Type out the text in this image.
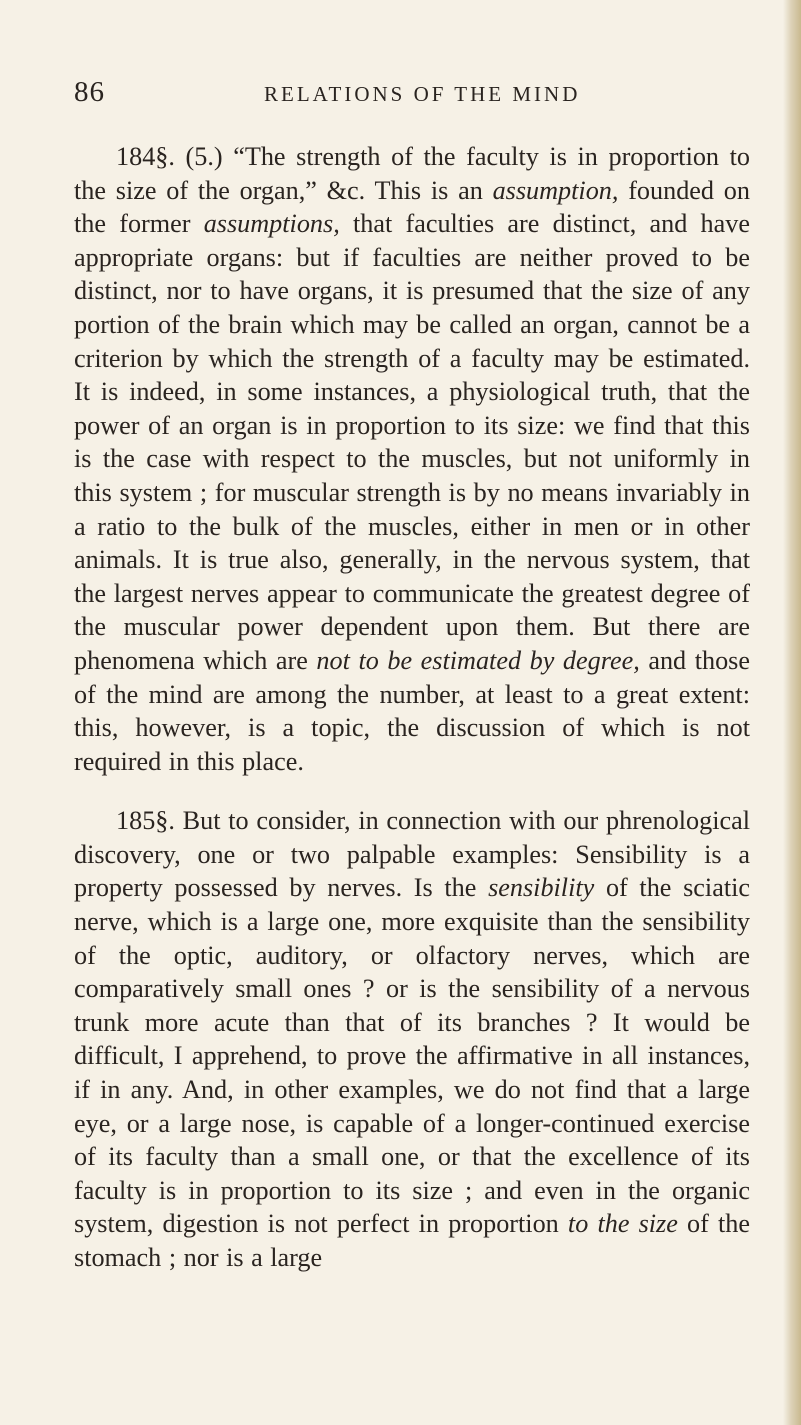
86	RELATIONS OF THE MIND

184§. (5.) “The strength of the faculty is in proportion to the size of the organ,” &c. This is an assumption, founded on the former assumptions, that faculties are distinct, and have appropriate organs: but if faculties are neither proved to be distinct, nor to have organs, it is presumed that the size of any portion of the brain which may be called an organ, cannot be a criterion by which the strength of a faculty may be estimated. It is indeed, in some instances, a physiological truth, that the power of an organ is in proportion to its size: we find that this is the case with respect to the muscles, but not uniformly in this system ; for muscular strength is by no means invariably in a ratio to the bulk of the muscles, either in men or in other animals. It is true also, generally, in the nervous system, that the largest nerves appear to communicate the greatest degree of the muscular power dependent upon them. But there are phenomena which are not to be estimated by degree, and those of the mind are among the number, at least to a great extent: this, however, is a topic, the discussion of which is not required in this place.

185§. But to consider, in connection with our phrenological discovery, one or two palpable examples: Sensibility is a property possessed by nerves. Is the sensibility of the sciatic nerve, which is a large one, more exquisite than the sensibility of the optic, auditory, or olfactory nerves, which are comparatively small ones ? or is the sensibility of a nervous trunk more acute than that of its branches ? It would be difficult, I apprehend, to prove the affirmative in all instances, if in any. And, in other examples, we do not find that a large eye, or a large nose, is capable of a longer-continued exercise of its faculty than a small one, or that the excellence of its faculty is in proportion to its size ; and even in the organic system, digestion is not perfect in proportion to the size of the stomach ; nor is a large
